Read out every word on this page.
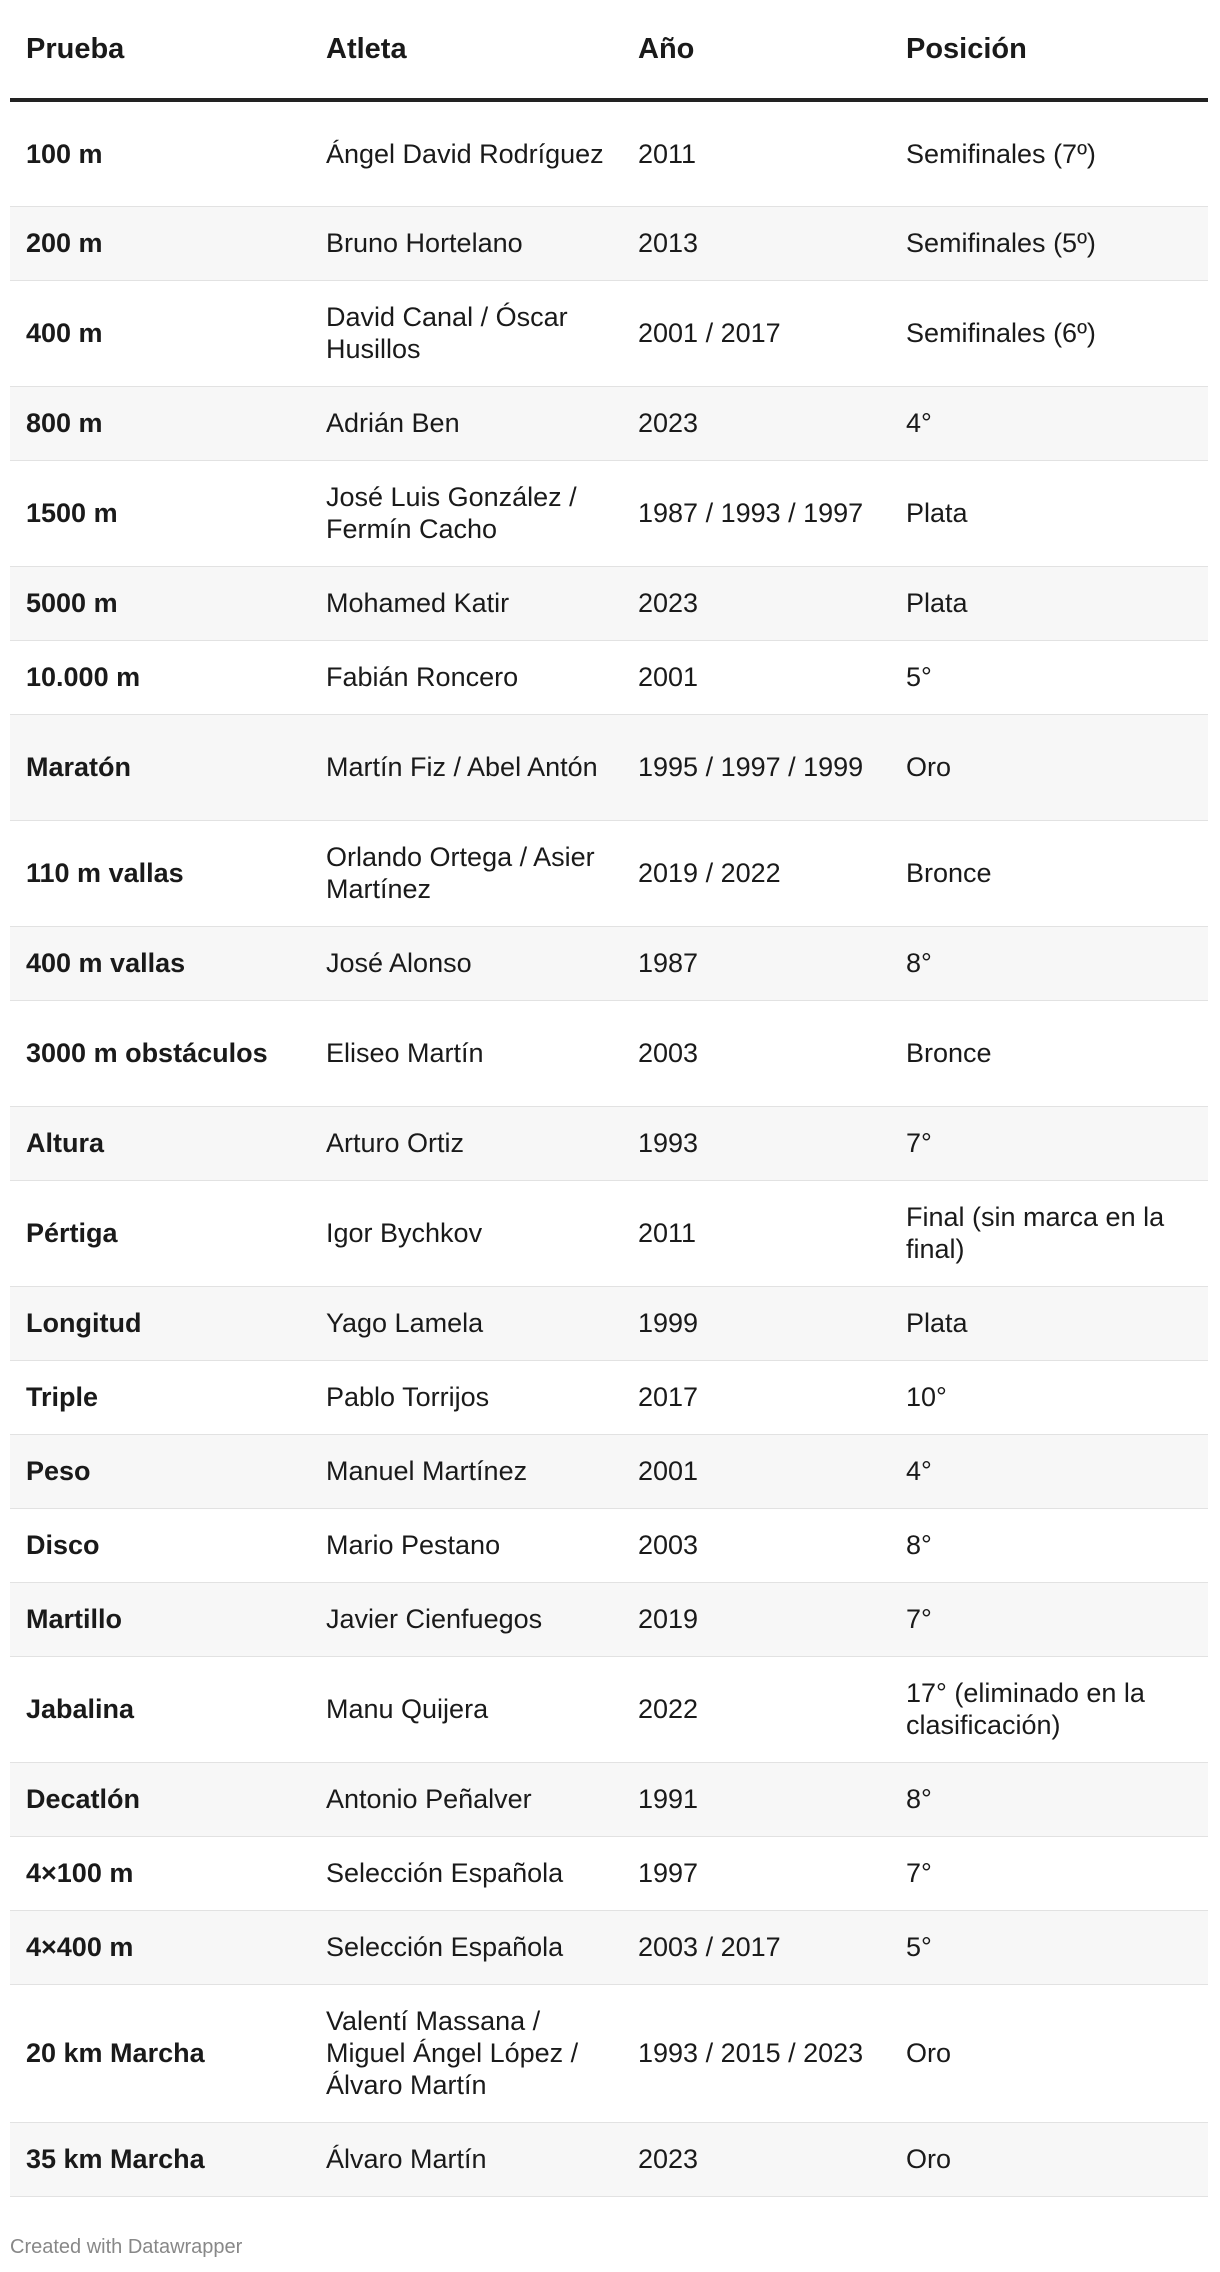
Prueba	Atleta	Año	Posición
100 m	Ángel David Rodríguez	2011	Semifinales (7º)
200 m	Bruno Hortelano	2013	Semifinales (5º)
400 m	David Canal / Óscar Husillos	2001 / 2017	Semifinales (6º)
800 m	Adrián Ben	2023	4°
1500 m	José Luis González / Fermín Cacho	1987 / 1993 / 1997	Plata
5000 m	Mohamed Katir	2023	Plata
10.000 m	Fabián Roncero	2001	5°
Maratón	Martín Fiz / Abel Antón	1995 / 1997 / 1999	Oro
110 m vallas	Orlando Ortega / Asier Martínez	2019 / 2022	Bronce
400 m vallas	José Alonso	1987	8°
3000 m obstáculos	Eliseo Martín	2003	Bronce
Altura	Arturo Ortiz	1993	7°
Pértiga	Igor Bychkov	2011	Final (sin marca en la final)
Longitud	Yago Lamela	1999	Plata
Triple	Pablo Torrijos	2017	10°
Peso	Manuel Martínez	2001	4°
Disco	Mario Pestano	2003	8°
Martillo	Javier Cienfuegos	2019	7°
Jabalina	Manu Quijera	2022	17° (eliminado en la clasificación)
Decatlón	Antonio Peñalver	1991	8°
4×100 m	Selección Española	1997	7°
4×400 m	Selección Española	2003 / 2017	5°
20 km Marcha	Valentí Massana / Miguel Ángel López / Álvaro Martín	1993 / 2015 / 2023	Oro
35 km Marcha	Álvaro Martín	2023	Oro
Created with Datawrapper
